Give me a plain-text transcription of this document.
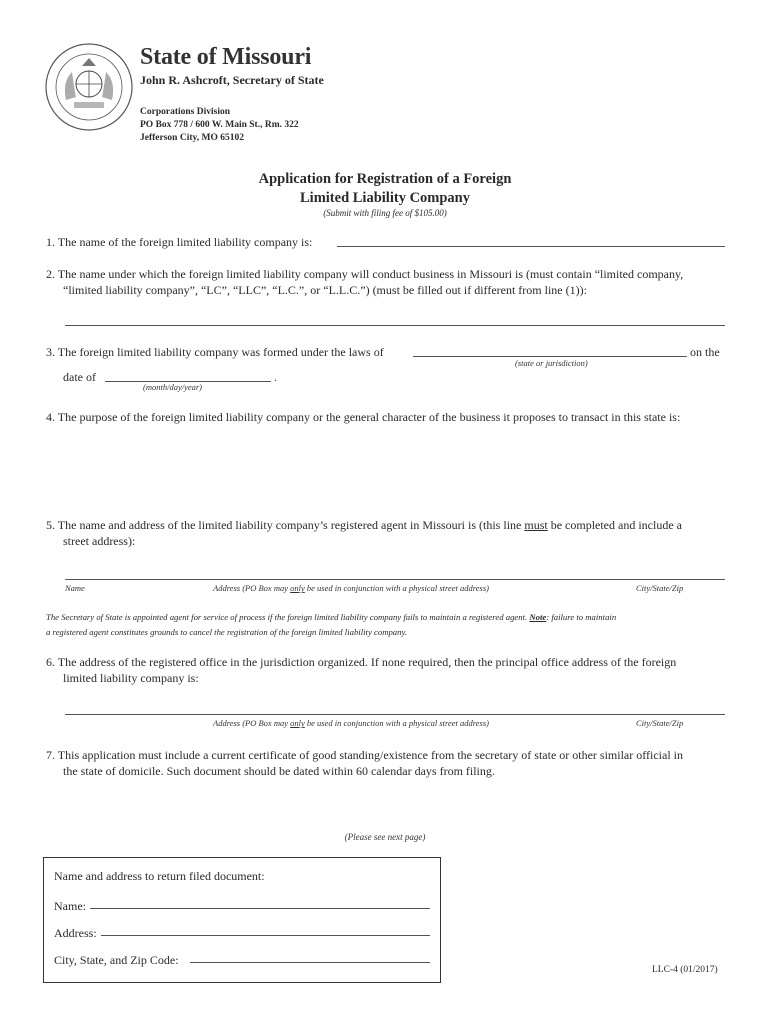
State of Missouri
John R. Ashcroft, Secretary of State
Corporations Division
PO Box 778 / 600 W. Main St., Rm. 322
Jefferson City, MO 65102
Application for Registration of a Foreign
Limited Liability Company
(Submit with filing fee of $105.00)
1. The name of the foreign limited liability company is:
2. The name under which the foreign limited liability company will conduct business in Missouri is (must contain “limited company,
“limited liability company”, “LC”, “LLC”, “L.C.”, or “L.L.C.”) (must be filled out if different from line (1)):
3. The foreign limited liability company was formed under the laws of	on the
(state or jurisdiction)
date of	.
(month/day/year)
4. The purpose of the foreign limited liability company or the general character of the business it proposes to transact in this state is:
5. The name and address of the limited liability company’s registered agent in Missouri is (this line must be completed and include a
street address):
Name	Address (PO Box may only be used in conjunction with a physical street address)	City/State/Zip
The Secretary of State is appointed agent for service of process if the foreign limited liability company fails to maintain a registered agent. Note: failure to maintain
a registered agent constitutes grounds to cancel the registration of the foreign limited liability company.
6. The address of the registered office in the jurisdiction organized. If none required, then the principal office address of the foreign
limited liability company is:
Address (PO Box may only be used in conjunction with a physical street address)	City/State/Zip
7. This application must include a current certificate of good standing/existence from the secretary of state or other similar official in
the state of domicile. Such document should be dated within 60 calendar days from filing.
(Please see next page)
Name and address to return filed document:
Name:
Address:
City, State, and Zip Code:
LLC-4 (01/2017)
